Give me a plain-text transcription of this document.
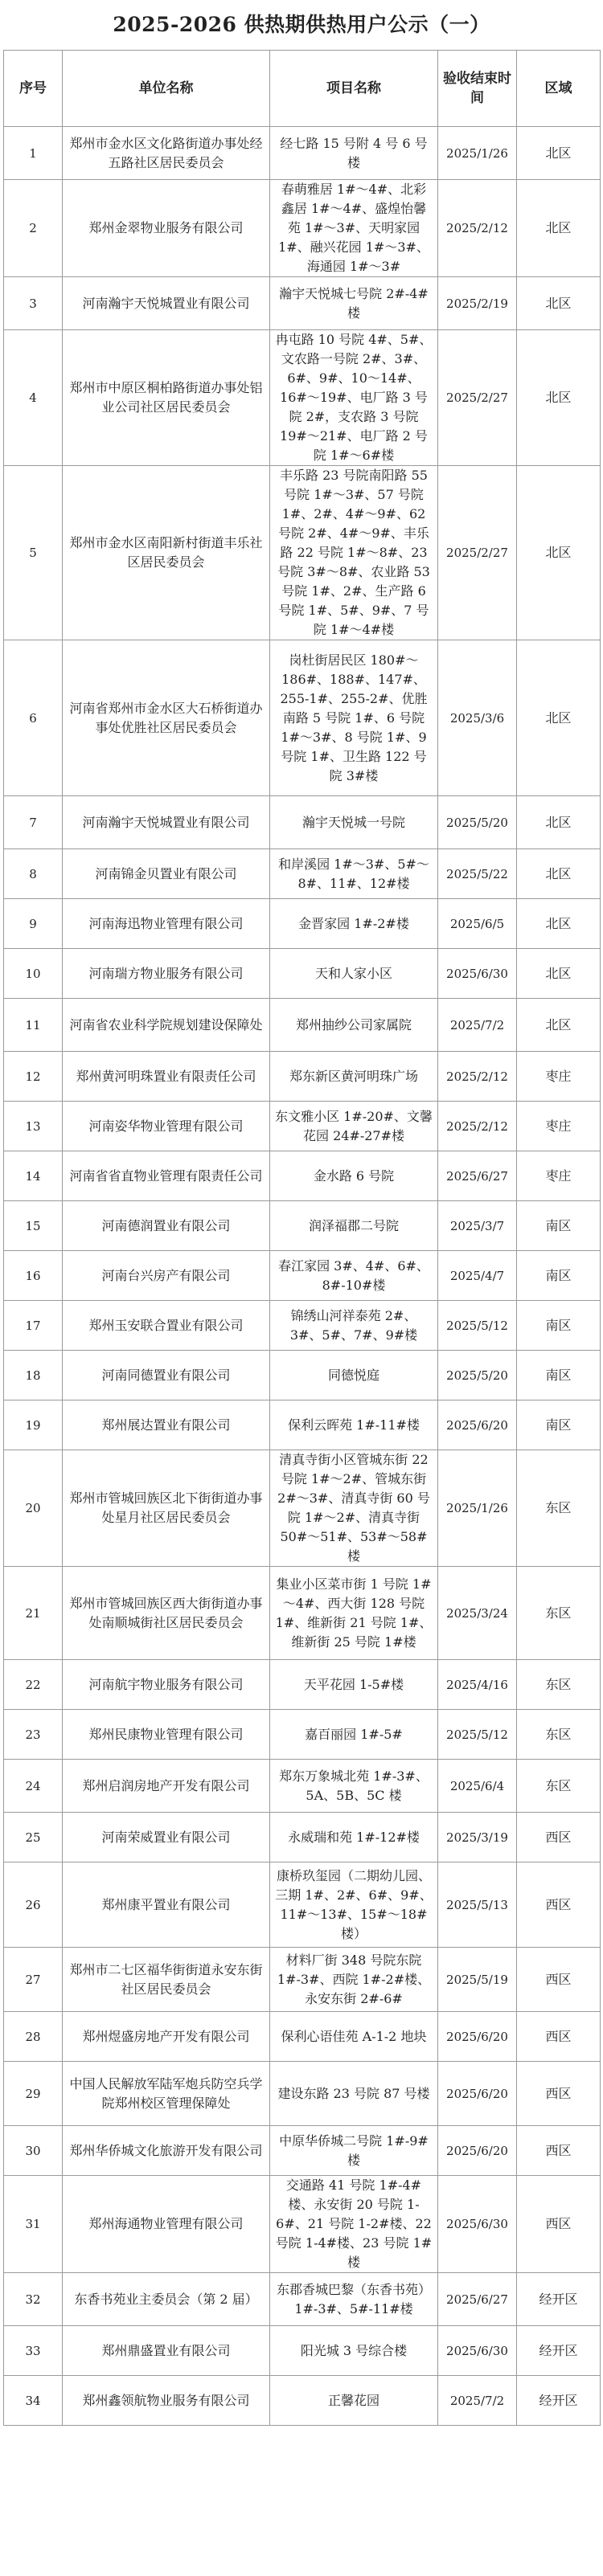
2025-2026 供热期供热用户公示（一）
序号	单位名称	项目名称	验收结束时间	区域
1	郑州市金水区文化路街道办事处经五路社区居民委员会	经七路 15 号附 4 号 6 号楼	2025/1/26	北区
2	郑州金翠物业服务有限公司	春萌雅居 1#～4#、北彩鑫居 1#～4#、盛煌怡馨苑 1#～3#、天明家园 1#、融兴花园 1#～3#、海通园 1#～3#	2025/2/12	北区
3	河南瀚宇天悦城置业有限公司	瀚宇天悦城七号院 2#-4#楼	2025/2/19	北区
4	郑州市中原区桐柏路街道办事处铝业公司社区居民委员会	冉屯路 10 号院 4#、5#、文农路一号院 2#、3#、6#、9#、10～14#、16#～19#、电厂路 3 号院 2#，支农路 3 号院 19#～21#、电厂路 2 号院 1#～6#楼	2025/2/27	北区
5	郑州市金水区南阳新村街道丰乐社区居民委员会	丰乐路 23 号院南阳路 55 号院 1#～3#、57 号院 1#、2#、4#～9#、62 号院 2#、4#～9#、丰乐路 22 号院 1#～8#、23 号院 3#～8#、农业路 53 号院 1#、2#、生产路 6 号院 1#、5#、9#、7 号院 1#～4#楼	2025/2/27	北区
6	河南省郑州市金水区大石桥街道办事处优胜社区居民委员会	岗杜街居民区 180#～186#、188#、147#、255-1#、255-2#、优胜南路 5 号院 1#、6 号院 1#～3#、8 号院 1#、9 号院 1#、卫生路 122 号院 3#楼	2025/3/6	北区
7	河南瀚宇天悦城置业有限公司	瀚宇天悦城一号院	2025/5/20	北区
8	河南锦金贝置业有限公司	和岸溪园 1#～3#、5#～8#、11#、12#楼	2025/5/22	北区
9	河南海迅物业管理有限公司	金晋家园 1#-2#楼	2025/6/5	北区
10	河南瑞方物业服务有限公司	天和人家小区	2025/6/30	北区
11	河南省农业科学院规划建设保障处	郑州抽纱公司家属院	2025/7/2	北区
12	郑州黄河明珠置业有限责任公司	郑东新区黄河明珠广场	2025/2/12	枣庄
13	河南姿华物业管理有限公司	东文雅小区 1#-20#、文馨花园 24#-27#楼	2025/2/12	枣庄
14	河南省省直物业管理有限责任公司	金水路 6 号院	2025/6/27	枣庄
15	河南德润置业有限公司	润泽福郡二号院	2025/3/7	南区
16	河南台兴房产有限公司	春江家园 3#、4#、6#、8#-10#楼	2025/4/7	南区
17	郑州玉安联合置业有限公司	锦绣山河祥泰苑 2#、3#、5#、7#、9#楼	2025/5/12	南区
18	河南同德置业有限公司	同德悦庭	2025/5/20	南区
19	郑州展达置业有限公司	保利云晖苑 1#-11#楼	2025/6/20	南区
20	郑州市管城回族区北下街街道办事处星月社区居民委员会	清真寺街小区管城东街 22 号院 1#～2#、管城东街 2#～3#、清真寺街 60 号院 1#～2#、清真寺街 50#～51#、53#～58#楼	2025/1/26	东区
21	郑州市管城回族区西大街街道办事处南顺城街社区居民委员会	集业小区菜市街 1 号院 1#～4#、西大街 128 号院 1#、维新街 21 号院 1#、维新街 25 号院 1#楼	2025/3/24	东区
22	河南航宇物业服务有限公司	天平花园 1-5#楼	2025/4/16	东区
23	郑州民康物业管理有限公司	嘉百丽园 1#-5#	2025/5/12	东区
24	郑州启润房地产开发有限公司	郑东万象城北苑 1#-3#、5A、5B、5C 楼	2025/6/4	东区
25	河南荣威置业有限公司	永威瑞和苑 1#-12#楼	2025/3/19	西区
26	郑州康平置业有限公司	康桥玖玺园（二期幼儿园、三期 1#、2#、6#、9#、11#～13#、15#～18#楼）	2025/5/13	西区
27	郑州市二七区福华街街道永安东街社区居民委员会	材料厂街 348 号院东院 1#-3#、西院 1#-2#楼、永安东街 2#-6#	2025/5/19	西区
28	郑州煜盛房地产开发有限公司	保利心语佳苑 A-1-2 地块	2025/6/20	西区
29	中国人民解放军陆军炮兵防空兵学院郑州校区管理保障处	建设东路 23 号院 87 号楼	2025/6/20	西区
30	郑州华侨城文化旅游开发有限公司	中原华侨城二号院 1#-9#楼	2025/6/20	西区
31	郑州海通物业管理有限公司	交通路 41 号院 1#-4#楼、永安街 20 号院 1-6#、21 号院 1-2#楼、22 号院 1-4#楼、23 号院 1#楼	2025/6/30	西区
32	东香书苑业主委员会（第 2 届）	东郡香城巴黎（东香书苑）1#-3#、5#-11#楼	2025/6/27	经开区
33	郑州鼎盛置业有限公司	阳光城 3 号综合楼	2025/6/30	经开区
34	郑州鑫领航物业服务有限公司	正馨花园	2025/7/2	经开区
